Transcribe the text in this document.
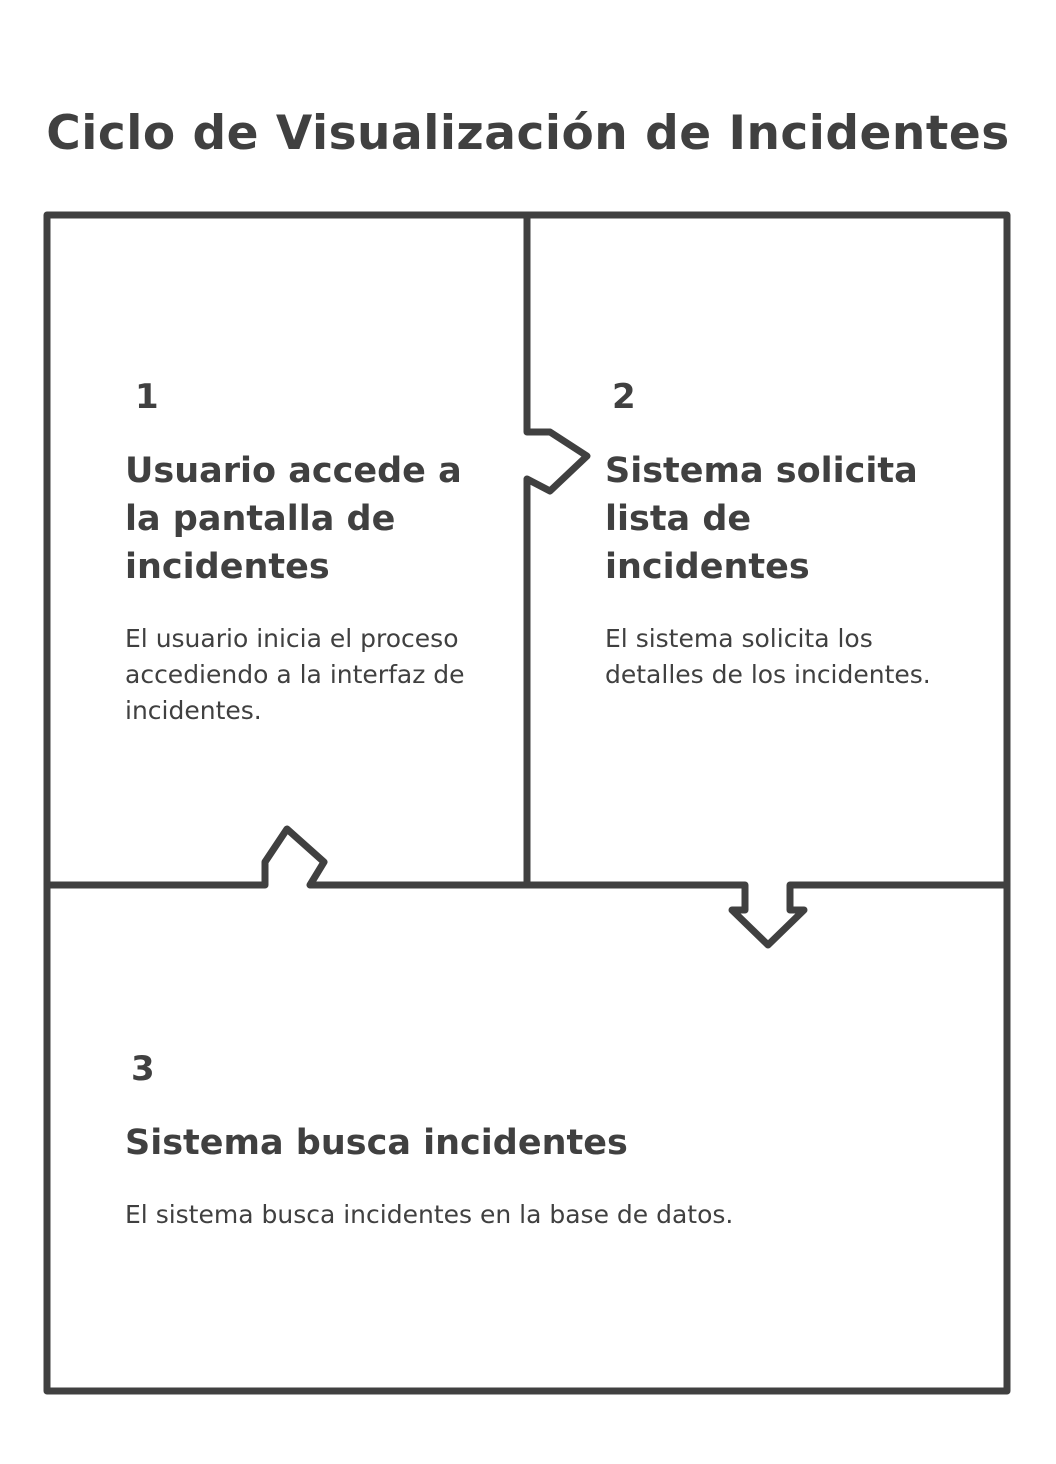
Ciclo de Visualización de Incidentes

1

Usuario accede a la pantalla de incidentes

El usuario inicia el proceso accediendo a la interfaz de incidentes.

2

Sistema solicita lista de incidentes

El sistema solicita los detalles de los incidentes.

3

Sistema busca incidentes

El sistema busca incidentes en la base de datos.
